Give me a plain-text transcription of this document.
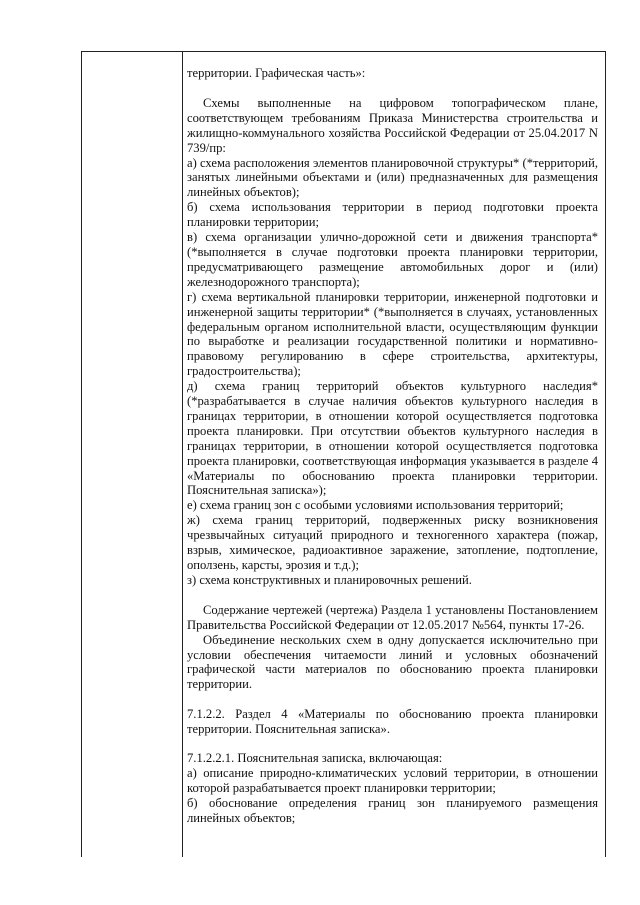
территории. Графическая часть»:

Схемы выполненные на цифровом топографическом плане, соответствующем требованиям Приказа Министерства строительства и жилищно-коммунального хозяйства Российской Федерации от 25.04.2017 N 739/пр:

а) схема расположения элементов планировочной структуры* (*территорий, занятых линейными объектами и (или) предназначенных для размещения линейных объектов);

б) схема использования территории в период подготовки проекта планировки территории;

в) схема организации улично-дорожной сети и движения транспорта* (*выполняется в случае подготовки проекта планировки территории, предусматривающего размещение автомобильных дорог и (или) железнодорожного транспорта);

г) схема вертикальной планировки территории, инженерной подготовки и инженерной защиты территории* (*выполняется в случаях, установленных федеральным органом исполнительной власти, осуществляющим функции по выработке и реализации государственной политики и нормативно-правовому регулированию в сфере строительства, архитектуры, градостроительства);

д) схема границ территорий объектов культурного наследия* (*разрабатывается в случае наличия объектов культурного наследия в границах территории, в отношении которой осуществляется подготовка проекта планировки. При отсутствии объектов культурного наследия в границах территории, в отношении которой осуществляется подготовка проекта планировки, соответствующая информация указывается в разделе 4 «Материалы по обоснованию проекта планировки территории. Пояснительная записка»);

е) схема границ зон с особыми условиями использования территорий;

ж) схема границ территорий, подверженных риску возникновения чрезвычайных ситуаций природного и техногенного характера (пожар, взрыв, химическое, радиоактивное заражение, затопление, подтопление, оползень, карсты, эрозия и т.д.);

з) схема конструктивных и планировочных решений.

Содержание чертежей (чертежа) Раздела 1 установлены Постановлением Правительства Российской Федерации от 12.05.2017 №564, пункты 17-26.

Объединение нескольких схем в одну допускается исключительно при условии обеспечения читаемости линий и условных обозначений графической части материалов по обоснованию проекта планировки территории.

7.1.2.2. Раздел 4 «Материалы по обоснованию проекта планировки территории. Пояснительная записка».

7.1.2.2.1. Пояснительная записка, включающая:

а) описание природно-климатических условий территории, в отношении которой разрабатывается проект планировки территории;

б) обоснование определения границ зон планируемого размещения линейных объектов;
